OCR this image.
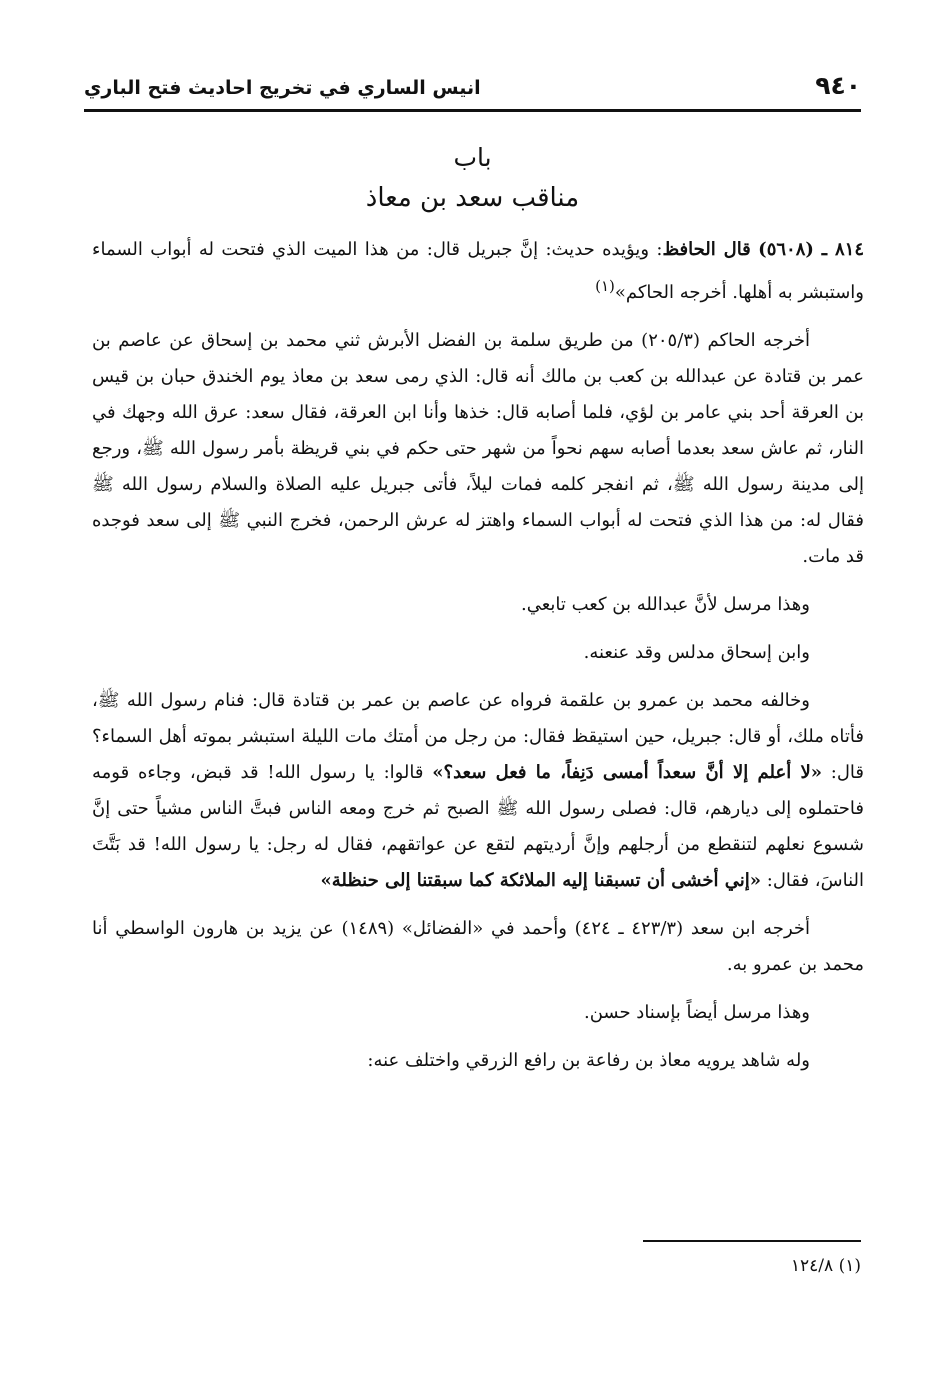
٩٤٠
انيس الساري في تخريج احاديث فتح الباري
باب
مناقب سعد بن معاذ

٨١٤ ـ (٥٦٠٨) قال الحافظ: ويؤيده حديث: إنَّ جبريل قال: من هذا الميت الذي فتحت له أبواب السماء واستبشر به أهلها. أخرجه الحاكم»$^{(١)}$

أخرجه الحاكم (٢٠٥/٣) من طريق سلمة بن الفضل الأبرش ثني محمد بن إسحاق عن عاصم بن عمر بن قتادة عن عبدالله بن كعب بن مالك أنه قال: الذي رمى سعد بن معاذ يوم الخندق حبان بن قيس بن العرقة أحد بني عامر بن لؤي، فلما أصابه قال: خذها وأنا ابن العرقة، فقال سعد: عرق الله وجهك في النار، ثم عاش سعد بعدما أصابه سهم نحواً من شهر حتى حكم في بني قريظة بأمر رسول الله ﷺ، ورجع إلى مدينة رسول الله ﷺ، ثم انفجر كلمه فمات ليلاً، فأتى جبريل عليه الصلاة والسلام رسول الله ﷺ فقال له: من هذا الذي فتحت له أبواب السماء واهتز له عرش الرحمن، فخرج النبي ﷺ إلى سعد فوجده قد مات.

وهذا مرسل لأنَّ عبدالله بن كعب تابعي.

وابن إسحاق مدلس وقد عنعنه.

وخالفه محمد بن عمرو بن علقمة فرواه عن عاصم بن عمر بن قتادة قال: فنام رسول الله ﷺ، فأتاه ملك، أو قال: جبريل، حين استيقظ فقال: من رجل من أمتك مات الليلة استبشر بموته أهل السماء؟ قال: «لا أعلم إلا أنَّ سعداً أمسى دَنِفاً، ما فعل سعد؟» قالوا: يا رسول الله! قد قبض، وجاءه قومه فاحتملوه إلى ديارهم، قال: فصلى رسول الله ﷺ الصبح ثم خرج ومعه الناس فبتَّ الناس مشياً حتى إنَّ شسوع نعلهم لتنقطع من أرجلهم وإنَّ أرديتهم لتقع عن عواتقهم، فقال له رجل: يا رسول الله! قد بَتَّتَ الناسَ، فقال: «إني أخشى أن تسبقنا إليه الملائكة كما سبقتنا إلى حنظلة»

أخرجه ابن سعد (٤٢٣/٣ ـ ٤٢٤) وأحمد في «الفضائل» (١٤٨٩) عن يزيد بن هارون الواسطي أنا محمد بن عمرو به.

وهذا مرسل أيضاً بإسناد حسن.

وله شاهد يرويه معاذ بن رفاعة بن رافع الزرقي واختلف عنه:

(١) ١٢٤/٨
